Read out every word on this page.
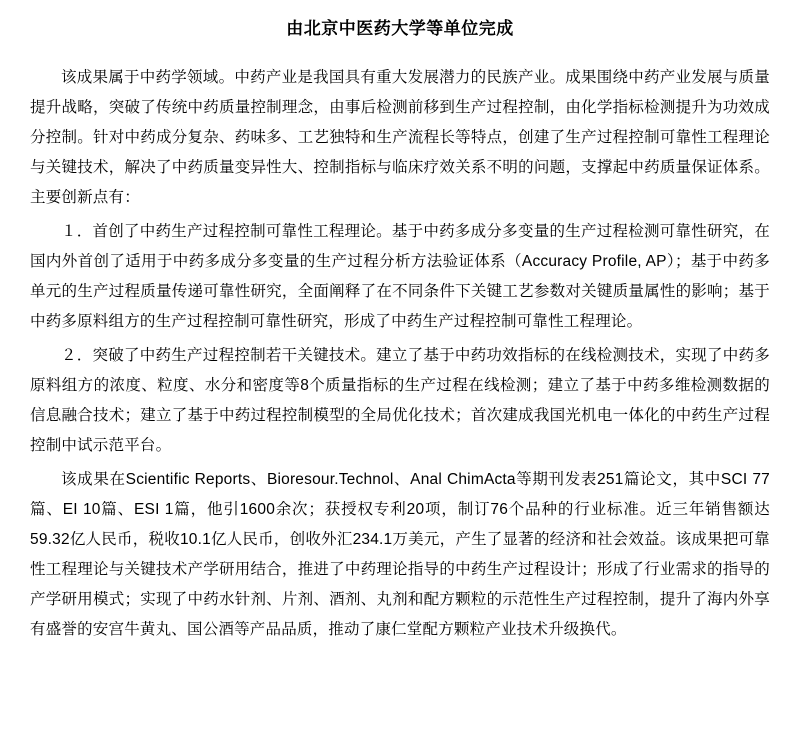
由北京中医药大学等单位完成

该成果属于中药学领域。中药产业是我国具有重大发展潜力的民族产业。成果围绕中药产业发展与质量提升战略，突破了传统中药质量控制理念，由事后检测前移到生产过程控制，由化学指标检测提升为功效成分控制。针对中药成分复杂、药味多、工艺独特和生产流程长等特点，创建了生产过程控制可靠性工程理论与关键技术，解决了中药质量变异性大、控制指标与临床疗效关系不明的问题，支撑起中药质量保证体系。主要创新点有：

１．首创了中药生产过程控制可靠性工程理论。基于中药多成分多变量的生产过程检测可靠性研究，在国内外首创了适用于中药多成分多变量的生产过程分析方法验证体系（Accuracy Profile, AP）；基于中药多单元的生产过程质量传递可靠性研究，全面阐释了在不同条件下关键工艺参数对关键质量属性的影响；基于中药多原料组方的生产过程控制可靠性研究，形成了中药生产过程控制可靠性工程理论。

２．突破了中药生产过程控制若干关键技术。建立了基于中药功效指标的在线检测技术，实现了中药多原料组方的浓度、粒度、水分和密度等8个质量指标的生产过程在线检测；建立了基于中药多维检测数据的信息融合技术；建立了基于中药过程控制模型的全局优化技术；首次建成我国光机电一体化的中药生产过程控制中试示范平台。

该成果在Scientific Reports、Bioresour.Technol、Anal ChimActa等期刊发表251篇论文，其中SCI 77篇、EI 10篇、ESI 1篇，他引1600余次；获授权专利20项，制订76个品种的行业标准。近三年销售额达59.32亿人民币，税收10.1亿人民币，创收外汇234.1万美元，产生了显著的经济和社会效益。该成果把可靠性工程理论与关键技术产学研用结合，推进了中药理论指导的中药生产过程设计；形成了行业需求的指导的产学研用模式；实现了中药水针剂、片剂、酒剂、丸剂和配方颗粒的示范性生产过程控制，提升了海内外享有盛誉的安宫牛黄丸、国公酒等产品品质，推动了康仁堂配方颗粒产业技术升级换代。
